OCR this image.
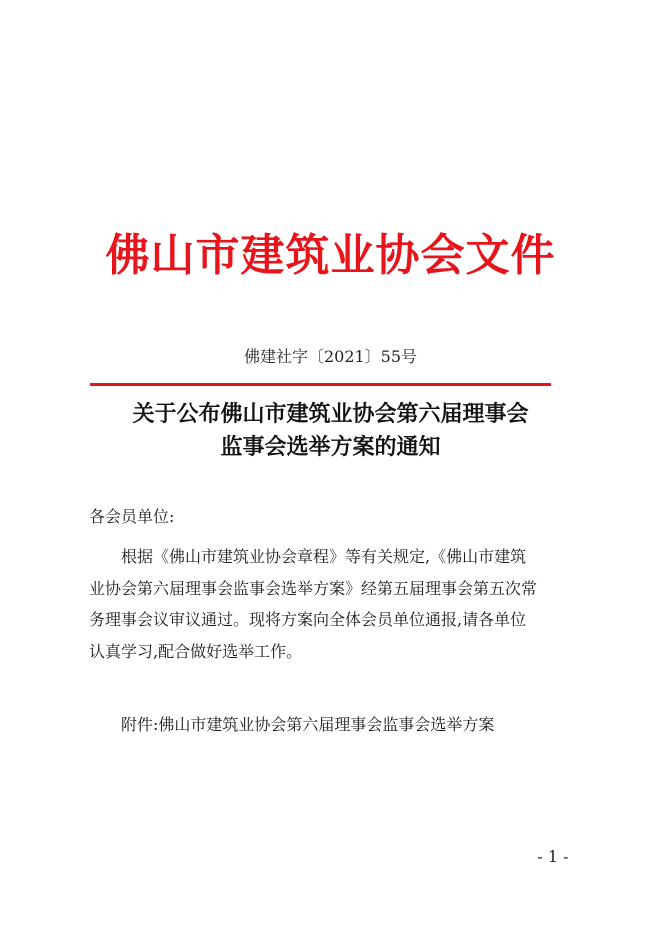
佛山市建筑业协会文件
佛建社字〔2021〕55号
关于公布佛山市建筑业协会第六届理事会
监事会选举方案的通知
各会员单位:
根据《佛山市建筑业协会章程》等有关规定,《佛山市建筑
业协会第六届理事会监事会选举方案》经第五届理事会第五次常
务理事会议审议通过。现将方案向全体会员单位通报,请各单位
认真学习,配合做好选举工作。
附件:佛山市建筑业协会第六届理事会监事会选举方案
- 1 -
